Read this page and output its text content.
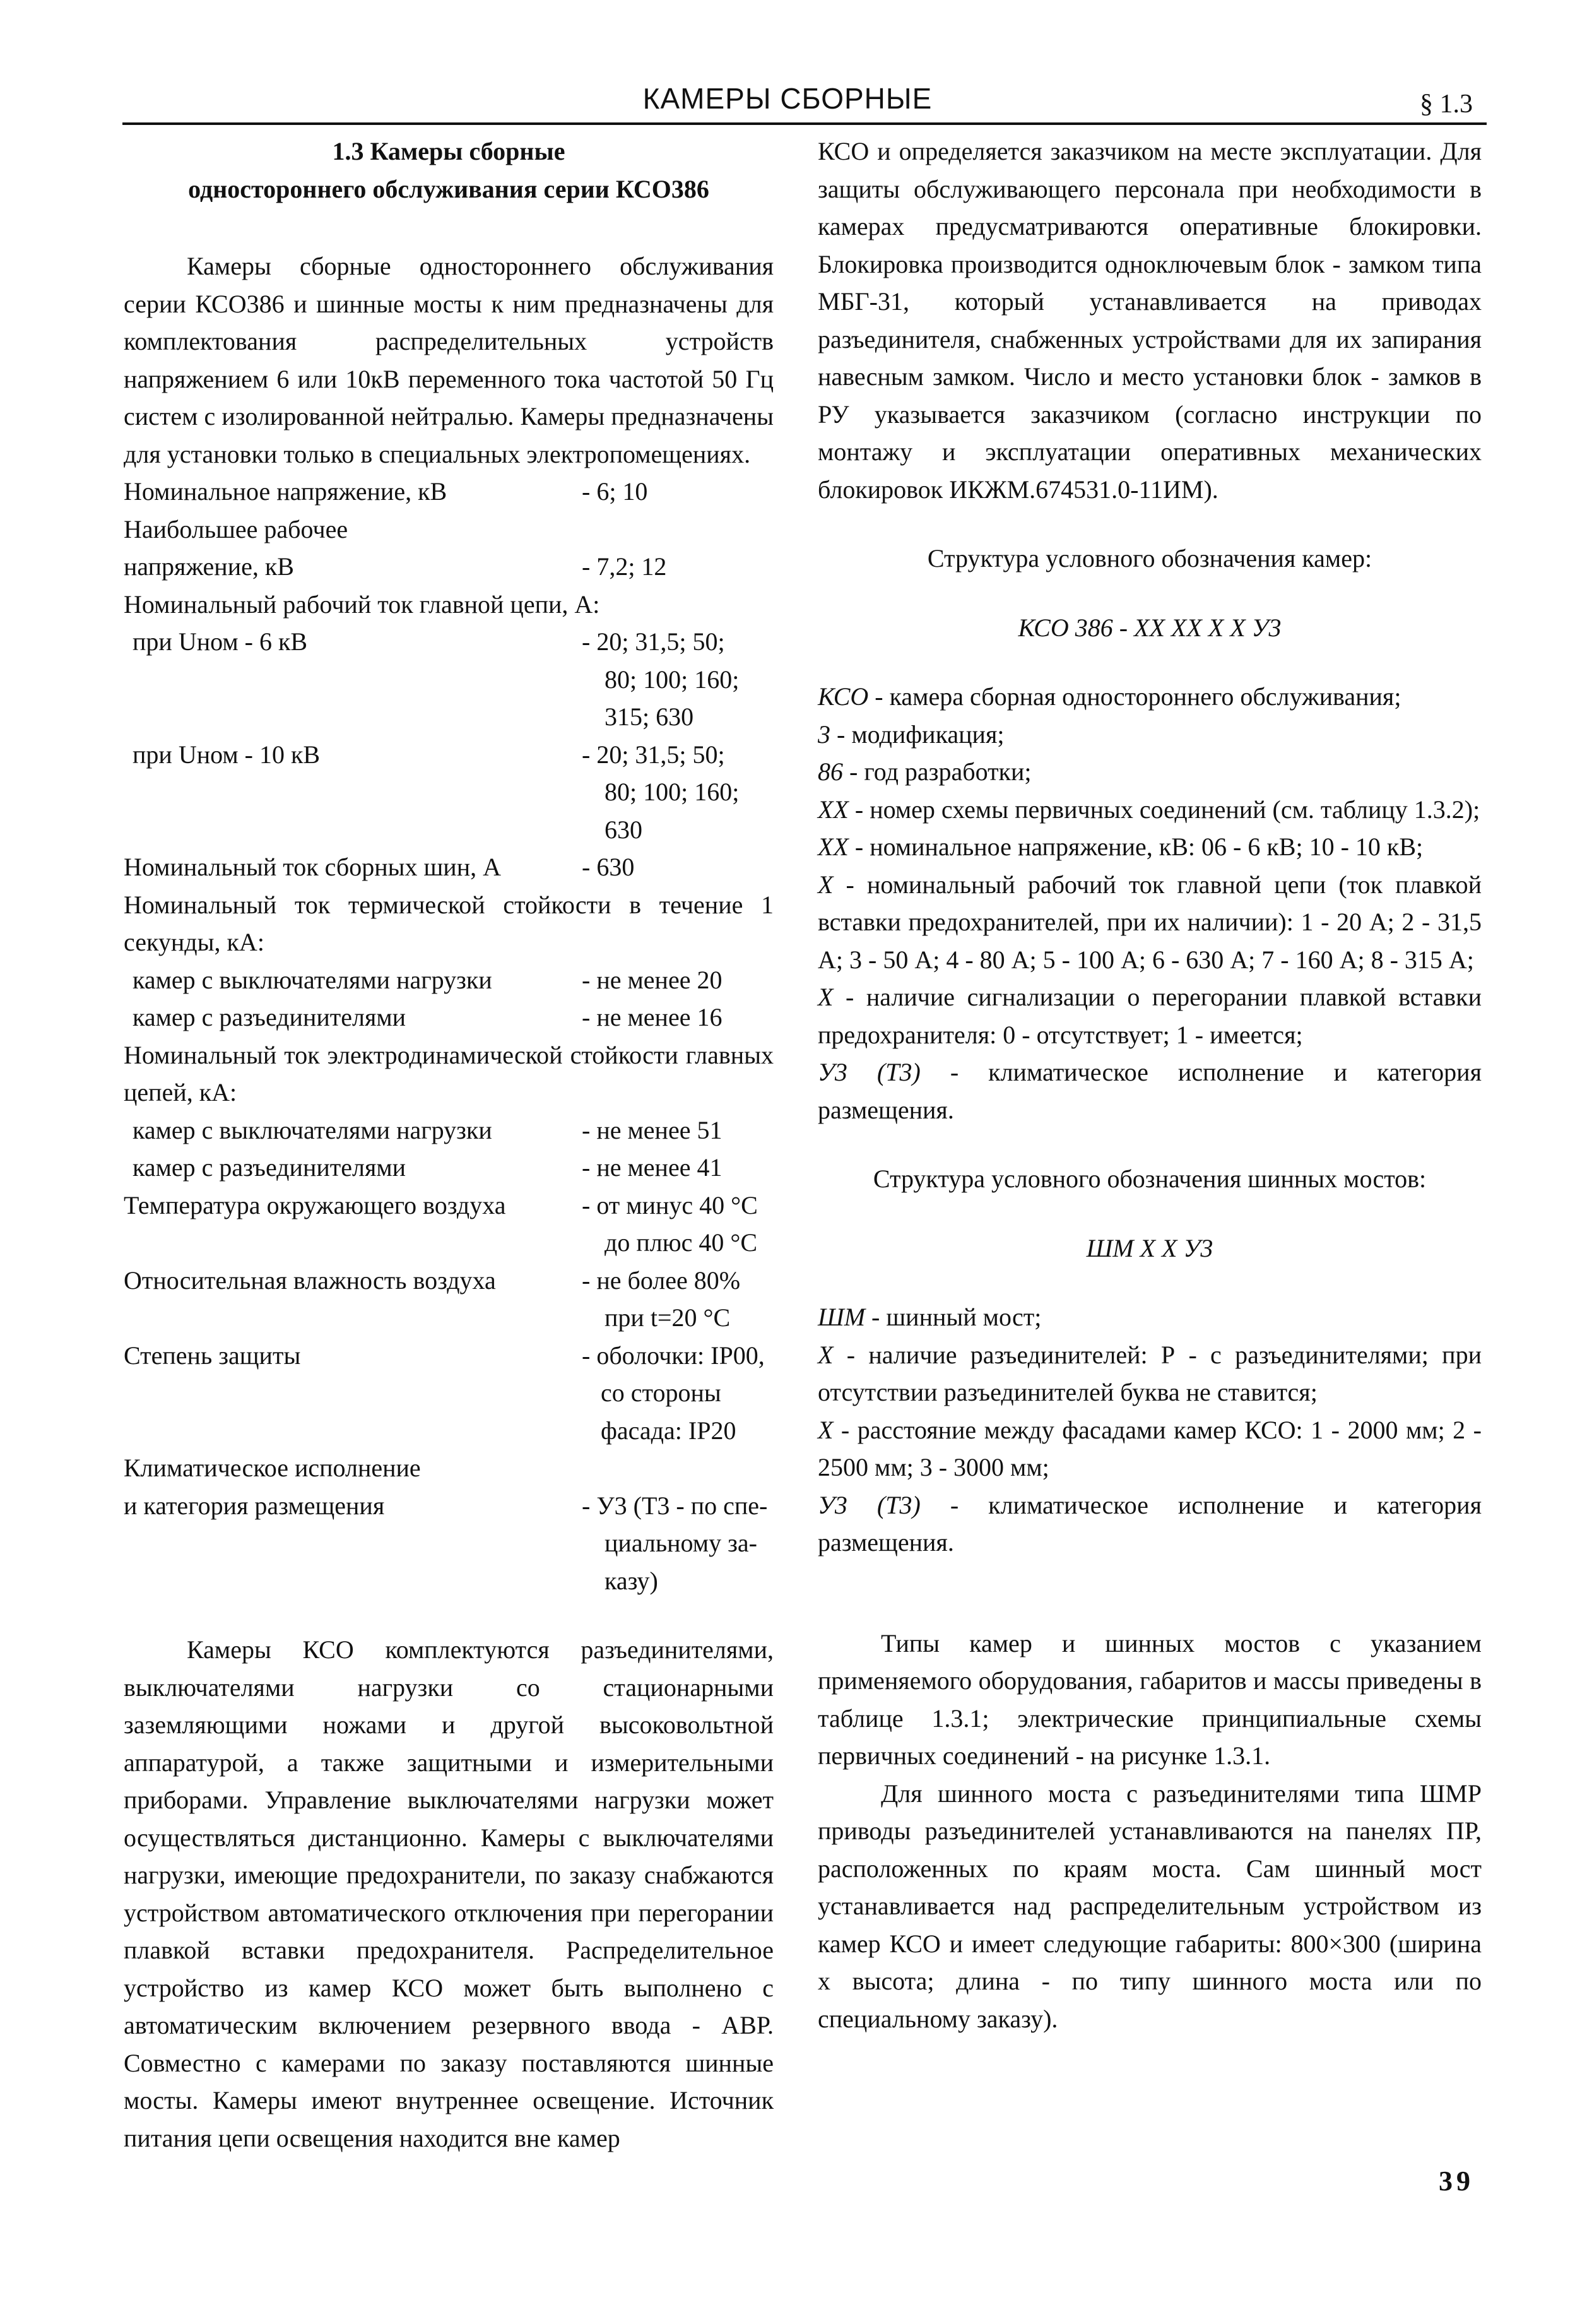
КАМЕРЫ СБОРНЫЕ	§ 1.3
1.3 Камеры сборные
одностороннего обслуживания серии КСО386

Камеры сборные одностороннего обслуживания серии КСО386 и шинные мосты к ним предназначены для комплектования распределительных устройств напряжением 6 или 10кВ переменного тока частотой 50 Гц систем с изолированной нейтралью. Камеры предназначены для установки только в специальных электропомещениях.

Номинальное напряжение, кВ	- 6; 10
Наибольшее рабочее	
напряжение, кВ	- 7,2; 12
Номинальный рабочий ток главной цепи, А:	
при Uном - 6 кВ	- 20; 31,5; 50;
80; 100; 160;
315; 630

при Uном - 10 кВ	- 20; 31,5; 50;
80; 100; 160;
630

Номинальный ток сборных шин, А	- 630
Номинальный ток термической стойкости в течение 1 секунды, кА:	
камер с выключателями нагрузки	- не менее 20
камер с разъединителями	- не менее 16
Номинальный ток электродинамической стойкости главных цепей, кА:	
камер с выключателями нагрузки	- не менее 51
камер с разъединителями	- не менее 41
Температура окружающего воздуха	- от минус 40 °С
до плюс 40 °С

Относительная влажность воздуха	- не более 80%
при t=20 °С

Степень защиты	- оболочки: IP00,
со стороны
фасада: IP20

Климатическое исполнение	
и категория размещения	- У3 (Т3 - по спе-
циальному за-
казу)

Камеры КСО комплектуются разъединителями, выключателями нагрузки со стационарными заземляющими ножами и другой высоковольтной аппаратурой, а также защитными и измерительными приборами. Управление выключателями нагрузки может осуществляться дистанционно. Камеры с выключателями нагрузки, имеющие предохранители, по заказу снабжаются устройством автоматического отключения при перегорании плавкой вставки предохранителя. Распределительное устройство из камер КСО может быть выполнено с автоматическим включением резервного ввода - АВР. Совместно с камерами по заказу поставляются шинные мосты. Камеры имеют внутреннее освещение. Источник питания цепи освещения находится вне камер

КСО и определяется заказчиком на месте эксплуатации. Для защиты обслуживающего персонала при необходимости в камерах предусматриваются оперативные блокировки. Блокировка производится одноключевым блок - замком типа МБГ-31, который устанавливается на приводах разъединителя, снабженных устройствами для их запирания навесным замком. Число и место установки блок - замков в РУ указывается заказчиком (согласно инструкции по монтажу и эксплуатации оперативных механических блокировок ИКЖМ.674531.0-11ИМ).

Структура условного обозначения камер:

КСО 386 - ХХ ХХ Х Х У3

КСО - камера сборная одностороннего обслуживания;

3 - модификация;

86 - год разработки;

ХХ - номер схемы первичных соединений (см. таблицу 1.3.2);

ХХ - номинальное напряжение, кВ: 06 - 6 кВ; 10 - 10 кВ;

Х - номинальный рабочий ток главной цепи (ток плавкой вставки предохранителей, при их наличии): 1 - 20 А; 2 - 31,5 А; 3 - 50 А; 4 - 80 А; 5 - 100 А; 6 - 630 А; 7 - 160 А; 8 - 315 А;

Х - наличие сигнализации о перегорании плавкой вставки предохранителя: 0 - отсутствует; 1 - имеется;

У3 (Т3) - климатическое исполнение и категория размещения.

Структура условного обозначения шинных мостов:

ШМ Х Х У3

ШМ - шинный мост;

Х - наличие разъединителей: Р - с разъединителями; при отсутствии разъединителей буква не ставится;

Х - расстояние между фасадами камер КСО: 1 - 2000 мм; 2 - 2500 мм; 3 - 3000 мм;

У3 (Т3) - климатическое исполнение и категория размещения.

Типы камер и шинных мостов с указанием применяемого оборудования, габаритов и массы приведены в таблице 1.3.1; электрические принципиальные схемы первичных соединений - на рисунке 1.3.1.

Для шинного моста с разъединителями типа ШМР приводы разъединителей устанавливаются на панелях ПР, расположенных по краям моста. Сам шинный мост устанавливается над распределительным устройством из камер КСО и имеет следующие габариты: 800×300 (ширина х высота; длина - по типу шинного моста или по специальному заказу).

39
